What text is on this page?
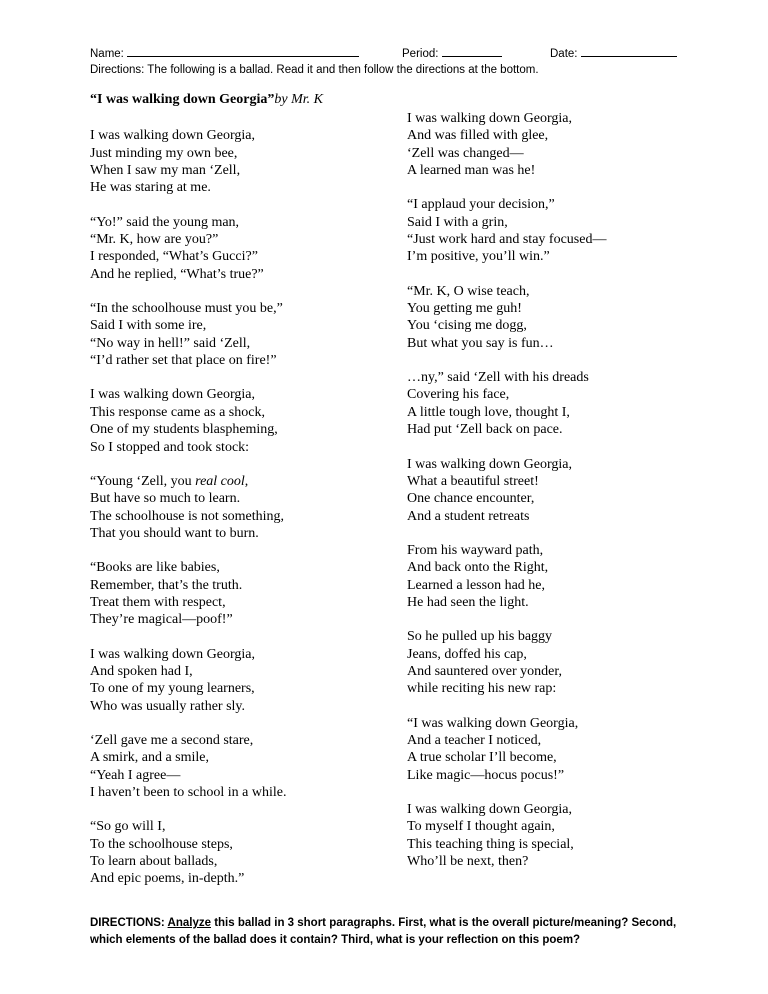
Name:	Period:	Date:
Directions: The following is a ballad. Read it and then follow the directions at the bottom.
“I was walking down Georgia”by Mr. K
I was walking down Georgia,
Just minding my own bee,
When I saw my man ‘Zell,
He was staring at me.
“Yo!” said the young man,
“Mr. K, how are you?”
I responded, “What’s Gucci?”
And he replied, “What’s true?”
“In the schoolhouse must you be,”
Said I with some ire,
“No way in hell!” said ‘Zell,
“I’d rather set that place on fire!”
I was walking down Georgia,
This response came as a shock,
One of my students blaspheming,
So I stopped and took stock:
“Young ‘Zell, you real cool,
But have so much to learn.
The schoolhouse is not something,
That you should want to burn.
“Books are like babies,
Remember, that’s the truth.
Treat them with respect,
They’re magical—poof!”
I was walking down Georgia,
And spoken had I,
To one of my young learners,
Who was usually rather sly.
‘Zell gave me a second stare,
A smirk, and a smile,
“Yeah I agree—
I haven’t been to school in a while.
“So go will I,
To the schoolhouse steps,
To learn about ballads,
And epic poems, in-depth.”
I was walking down Georgia,
And was filled with glee,
‘Zell was changed—
A learned man was he!
“I applaud your decision,”
Said I with a grin,
“Just work hard and stay focused—
I’m positive, you’ll win.”
“Mr. K, O wise teach,
You getting me guh!
You ‘cising me dogg,
But what you say is fun…
…ny,” said ‘Zell with his dreads
Covering his face,
A little tough love, thought I,
Had put ‘Zell back on pace.
I was walking down Georgia,
What a beautiful street!
One chance encounter,
And a student retreats
From his wayward path,
And back onto the Right,
Learned a lesson had he,
He had seen the light.
So he pulled up his baggy
Jeans, doffed his cap,
And sauntered over yonder,
while reciting his new rap:
“I was walking down Georgia,
And a teacher I noticed,
A true scholar I’ll become,
Like magic—hocus pocus!”
I was walking down Georgia,
To myself I thought again,
This teaching thing is special,
Who’ll be next, then?
DIRECTIONS: Analyze this ballad in 3 short paragraphs. First, what is the overall picture/meaning? Second, which elements of the ballad does it contain? Third, what is your reflection on this poem?
